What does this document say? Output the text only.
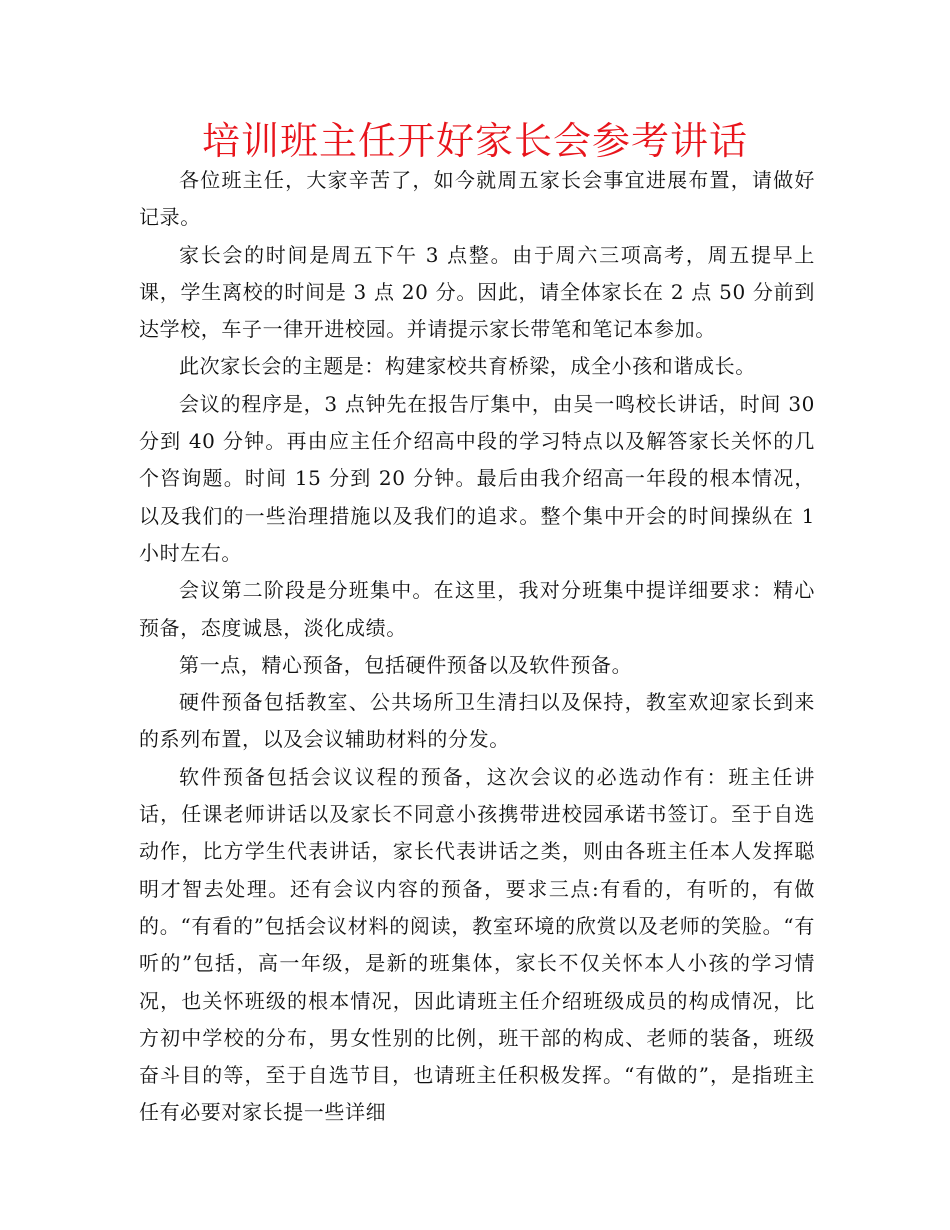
培训班主任开好家长会参考讲话

各位班主任，大家辛苦了，如今就周五家长会事宜进展布置，请做好记录。

家长会的时间是周五下午 3 点整。由于周六三项高考，周五提早上课，学生离校的时间是 3 点 20 分。因此，请全体家长在 2 点 50 分前到达学校，车子一律开进校园。并请提示家长带笔和笔记本参加。

此次家长会的主题是：构建家校共育桥梁，成全小孩和谐成长。

会议的程序是，3 点钟先在报告厅集中，由吴一鸣校长讲话，时间 30 分到 40 分钟。再由应主任介绍高中段的学习特点以及解答家长关怀的几个咨询题。时间 15 分到 20 分钟。最后由我介绍高一年段的根本情况，以及我们的一些治理措施以及我们的追求。整个集中开会的时间操纵在 1 小时左右。

会议第二阶段是分班集中。在这里，我对分班集中提详细要求：精心预备，态度诚恳，淡化成绩。

第一点，精心预备，包括硬件预备以及软件预备。

硬件预备包括教室、公共场所卫生清扫以及保持，教室欢迎家长到来的系列布置，以及会议辅助材料的分发。

软件预备包括会议议程的预备，这次会议的必选动作有：班主任讲话，任课老师讲话以及家长不同意小孩携带进校园承诺书签订。至于自选动作，比方学生代表讲话，家长代表讲话之类，则由各班主任本人发挥聪明才智去处理。还有会议内容的预备，要求三点:有看的，有听的，有做的。“有看的”包括会议材料的阅读，教室环境的欣赏以及老师的笑脸。“有听的”包括，高一年级，是新的班集体，家长不仅关怀本人小孩的学习情况，也关怀班级的根本情况，因此请班主任介绍班级成员的构成情况，比方初中学校的分布，男女性别的比例，班干部的构成、老师的装备，班级奋斗目的等，至于自选节目，也请班主任积极发挥。“有做的”，是指班主任有必要对家长提一些详细
